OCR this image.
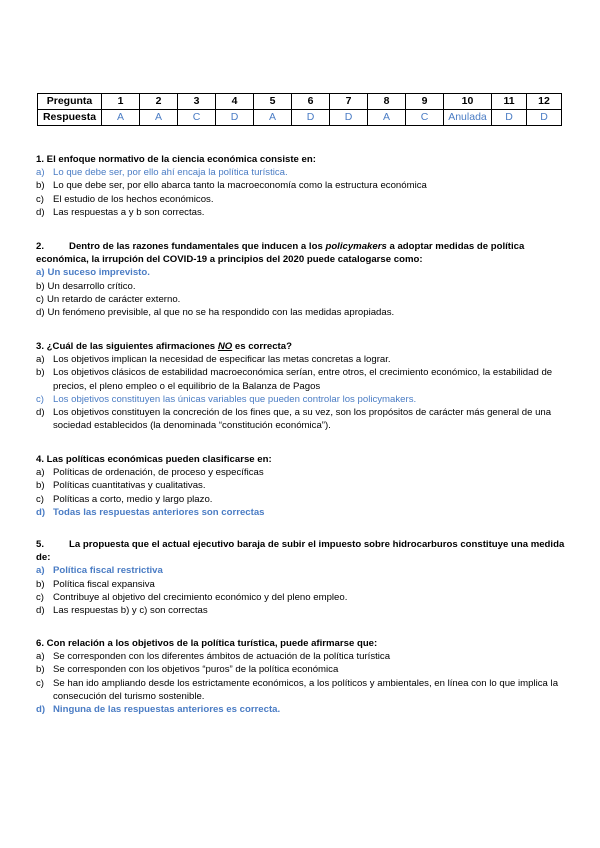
Pregunta	1	2	3	4	5	6	7	8	9	10	11	12
Respuesta	A	A	C	D	A	D	D	A	C	Anulada	D	D
1. El enfoque normativo de la ciencia económica consiste en:
a) Lo que debe ser, por ello ahí encaja la política turística.
b) Lo que debe ser, por ello abarca tanto la macroeconomía como la estructura económica
c) El estudio de los hechos económicos.
d) Las respuestas a y b son correctas.
2.	Dentro de las razones fundamentales que inducen a los policymakers a adoptar medidas de política económica, la irrupción del COVID-19 a principios del 2020 puede catalogarse como:
a) Un suceso imprevisto.
b) Un desarrollo crítico.
c) Un retardo de carácter externo.
d) Un fenómeno previsible, al que no se ha respondido con las medidas apropiadas.
3. ¿Cuál de las siguientes afirmaciones NO es correcta?
a) Los objetivos implican la necesidad de especificar las metas concretas a lograr.
b) Los objetivos clásicos de estabilidad macroeconómica serían, entre otros, el crecimiento económico, la estabilidad de precios, el pleno empleo o el equilibrio de la Balanza de Pagos
c) Los objetivos constituyen las únicas variables que pueden controlar los policymakers.
d) Los objetivos constituyen la concreción de los fines que, a su vez, son los propósitos de carácter más general de una sociedad establecidos (la denominada “constitución económica”).
4. Las políticas económicas pueden clasificarse en:
a) Políticas de ordenación, de proceso y específicas
b) Políticas cuantitativas y cualitativas.
c) Políticas a corto, medio y largo plazo.
d) Todas las respuestas anteriores son correctas
5.	La propuesta que el actual ejecutivo baraja de subir el impuesto sobre hidrocarburos constituye una medida de:
a) Política fiscal restrictiva
b) Política fiscal expansiva
c) Contribuye al objetivo del crecimiento económico y del pleno empleo.
d) Las respuestas b) y c) son correctas
6. Con relación a los objetivos de la política turística, puede afirmarse que:
a) Se corresponden con los diferentes ámbitos de actuación de la política turística
b) Se corresponden con los objetivos “puros” de la política económica
c) Se han ido ampliando desde los estrictamente económicos, a los políticos y ambientales, en línea con lo que implica la consecución del turismo sostenible.
d) Ninguna de las respuestas anteriores es correcta.
